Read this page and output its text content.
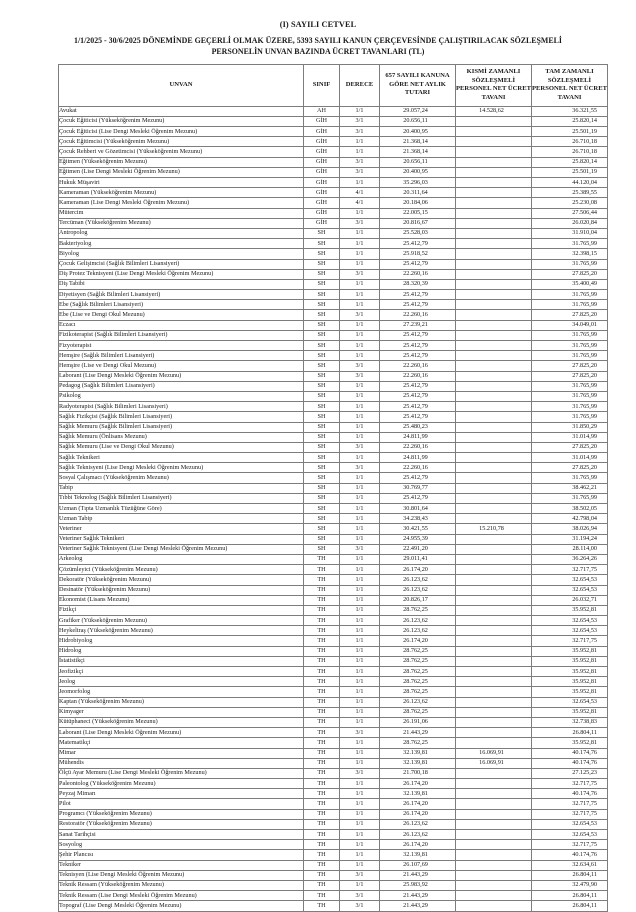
(I) SAYILI CETVEL
1/1/2025 - 30/6/2025 DÖNEMİNDE GEÇERLİ OLMAK ÜZERE, 5393 SAYILI KANUN ÇERÇEVESİNDE ÇALIŞTIRILACAK SÖZLEŞMELİ PERSONELİN UNVAN BAZINDA ÜCRET TAVANLARI (TL)
UNVAN	SINIF	DERECE	657 SAYILI KANUNA GÖRE NET AYLIK TUTARI	KISMİ ZAMANLI SÖZLEŞMELİ PERSONEL NET ÜCRET TAVANI	TAM ZAMANLI SÖZLEŞMELİ PERSONEL NET ÜCRET TAVANI
Avukat	AH	1/1	29.057,24	14.528,62	36.321,55
Çocuk Eğiticisi (Yükseköğrenim Mezunu)	GİH	3/1	20.656,11		25.820,14
Çocuk Eğiticisi (Lise Dengi Mesleki Öğrenim Mezunu)	GİH	3/1	20.400,95		25.501,19
Çocuk Eğitimcisi (Yükseköğrenim Mezunu)	GİH	1/1	21.368,14		26.710,18
Çocuk Rehberi ve Gözetimcisi (Yükseköğrenim Mezunu)	GİH	1/1	21.368,14		26.710,18
Eğitmen (Yükseköğrenim Mezunu)	GİH	3/1	20.656,11		25.820,14
Eğitmen (Lise Dengi Mesleki Öğrenim Mezunu)	GİH	3/1	20.400,95		25.501,19
Hukuk Müşaviri	GİH	1/1	35.296,03		44.120,04
Kameraman (Yükseköğrenim Mezunu)	GİH	4/1	20.311,64		25.389,55
Kameraman (Lise Dengi Mesleki Öğrenim Mezunu)	GİH	4/1	20.184,06		25.230,08
Mütercim	GİH	1/1	22.005,15		27.506,44
Tercüman (Yükseköğrenim Mezunu)	GİH	3/1	20.816,67		26.020,84
Antropolog	SH	1/1	25.528,03		31.910,04
Bakteriyolog	SH	1/1	25.412,79		31.765,99
Biyolog	SH	1/1	25.918,52		32.398,15
Çocuk Gelişimcisi (Sağlık Bilimleri Lisansiyeri)	SH	1/1	25.412,79		31.765,99
Diş Protez Teknisyeni (Lise Dengi Mesleki Öğrenim Mezunu)	SH	3/1	22.260,16		27.825,20
Diş Tabibi	SH	1/1	28.320,39		35.400,49
Diyetisyen (Sağlık Bilimleri Lisansiyeri)	SH	1/1	25.412,79		31.765,99
Ebe (Sağlık Bilimleri Lisansiyeri)	SH	1/1	25.412,79		31.765,99
Ebe (Lise ve Dengi Okul Mezunu)	SH	3/1	22.260,16		27.825,20
Eczacı	SH	1/1	27.239,21		34.049,01
Fizikoterapist (Sağlık Bilimleri Lisansiyeri)	SH	1/1	25.412,79		31.765,99
Fizyoterapist	SH	1/1	25.412,79		31.765,99
Hemşire (Sağlık Bilimleri Lisansiyeri)	SH	1/1	25.412,79		31.765,99
Hemşire (Lise ve Dengi Okul Mezunu)	SH	3/1	22.260,16		27.825,20
Laborant (Lise Dengi Mesleki Öğrenim Mezunu)	SH	3/1	22.260,16		27.825,20
Pedagog (Sağlık Bilimleri Lisansiyeri)	SH	1/1	25.412,79		31.765,99
Psikolog	SH	1/1	25.412,79		31.765,99
Radyoterapist (Sağlık Bilimleri Lisansiyeri)	SH	1/1	25.412,79		31.765,99
Sağlık Fizikçisi (Sağlık Bilimleri Lisansiyeri)	SH	1/1	25.412,79		31.765,99
Sağlık Memuru (Sağlık Bilimleri Lisansiyeri)	SH	1/1	25.480,23		31.850,29
Sağlık Memuru (Önlisans Mezunu)	SH	1/1	24.811,99		31.014,99
Sağlık Memuru (Lise ve Dengi Okul Mezunu)	SH	3/1	22.260,16		27.825,20
Sağlık Teknikeri	SH	1/1	24.811,99		31.014,99
Sağlık Teknisyeni (Lise Dengi Mesleki Öğrenim Mezunu)	SH	3/1	22.260,16		27.825,20
Sosyal Çalışmacı (Yükseköğrenim Mezunu)	SH	1/1	25.412,79		31.765,99
Tabip	SH	1/1	30.769,77		38.462,21
Tıbbi Teknolog (Sağlık Bilimleri Lisansiyeri)	SH	1/1	25.412,79		31.765,99
Uzman (Tıpta Uzmanlık Tüzüğüne Göre)	SH	1/1	30.801,64		38.502,05
Uzman Tabip	SH	1/1	34.238,43		42.798,04
Veteriner	SH	1/1	30.421,55	15.210,78	38.026,94
Veteriner Sağlık Teknikeri	SH	1/1	24.955,39		31.194,24
Veteriner Sağlık Teknisyeni (Lise Dengi Mesleki Öğrenim Mezunu)	SH	3/1	22.491,20		28.114,00
Arkeolog	TH	1/1	29.011,41		36.264,26
Çözümleyici (Yükseköğrenim Mezunu)	TH	1/1	26.174,20		32.717,75
Dekoratör (Yükseköğrenim Mezunu)	TH	1/1	26.123,62		32.654,53
Desinatör (Yükseköğrenim Mezunu)	TH	1/1	26.123,62		32.654,53
Ekonomist (Lisans Mezunu)	TH	1/1	20.826,17		26.032,71
Fizikçi	TH	1/1	28.762,25		35.952,81
Grafiker (Yükseköğrenim Mezunu)	TH	1/1	26.123,62		32.654,53
Heykeltraş (Yükseköğrenim Mezunu)	TH	1/1	26.123,62		32.654,53
Hidrobiyolog	TH	1/1	26.174,20		32.717,75
Hidrolog	TH	1/1	28.762,25		35.952,81
İstatistikçi	TH	1/1	28.762,25		35.952,81
Jeofizikçi	TH	1/1	28.762,25		35.952,81
Jeolog	TH	1/1	28.762,25		35.952,81
Jeomorfolog	TH	1/1	28.762,25		35.952,81
Kaptan (Yükseköğrenim Mezunu)	TH	1/1	26.123,62		32.654,53
Kimyager	TH	1/1	28.762,25		35.952,81
Kütüphaneci (Yükseköğrenim Mezunu)	TH	1/1	26.191,06		32.738,83
Laborant (Lise Dengi Mesleki Öğrenim Mezunu)	TH	3/1	21.443,29		26.804,11
Matematikçi	TH	1/1	28.762,25		35.952,81
Mimar	TH	1/1	32.139,81	16.069,91	40.174,76
Mühendis	TH	1/1	32.139,81	16.069,91	40.174,76
Ölçü Ayar Memuru (Lise Dengi Mesleki Öğrenim Mezunu)	TH	3/1	21.700,18		27.125,23
Paleontolog (Yükseköğrenim Mezunu)	TH	1/1	26.174,20		32.717,75
Peyzaj Mimarı	TH	1/1	32.139,81		40.174,76
Pilot	TH	1/1	26.174,20		32.717,75
Programcı (Yükseköğrenim Mezunu)	TH	1/1	26.174,20		32.717,75
Restoratör (Yükseköğrenim Mezunu)	TH	1/1	26.123,62		32.654,53
Sanat Tarihçisi	TH	1/1	26.123,62		32.654,53
Sosyolog	TH	1/1	26.174,20		32.717,75
Şehir Plancısı	TH	1/1	32.139,81		40.174,76
Tekniker	TH	1/1	26.107,69		32.634,61
Teknisyen (Lise Dengi Mesleki Öğrenim Mezunu)	TH	3/1	21.443,29		26.804,11
Teknik Ressam (Yükseköğrenim Mezunu)	TH	1/1	25.983,92		32.479,90
Teknik Ressam (Lise Dengi Mesleki Öğrenim Mezunu)	TH	3/1	21.443,29		26.804,11
Topograf (Lise Dengi Mesleki Öğrenim Mezunu)	TH	3/1	21.443,29		26.804,11
